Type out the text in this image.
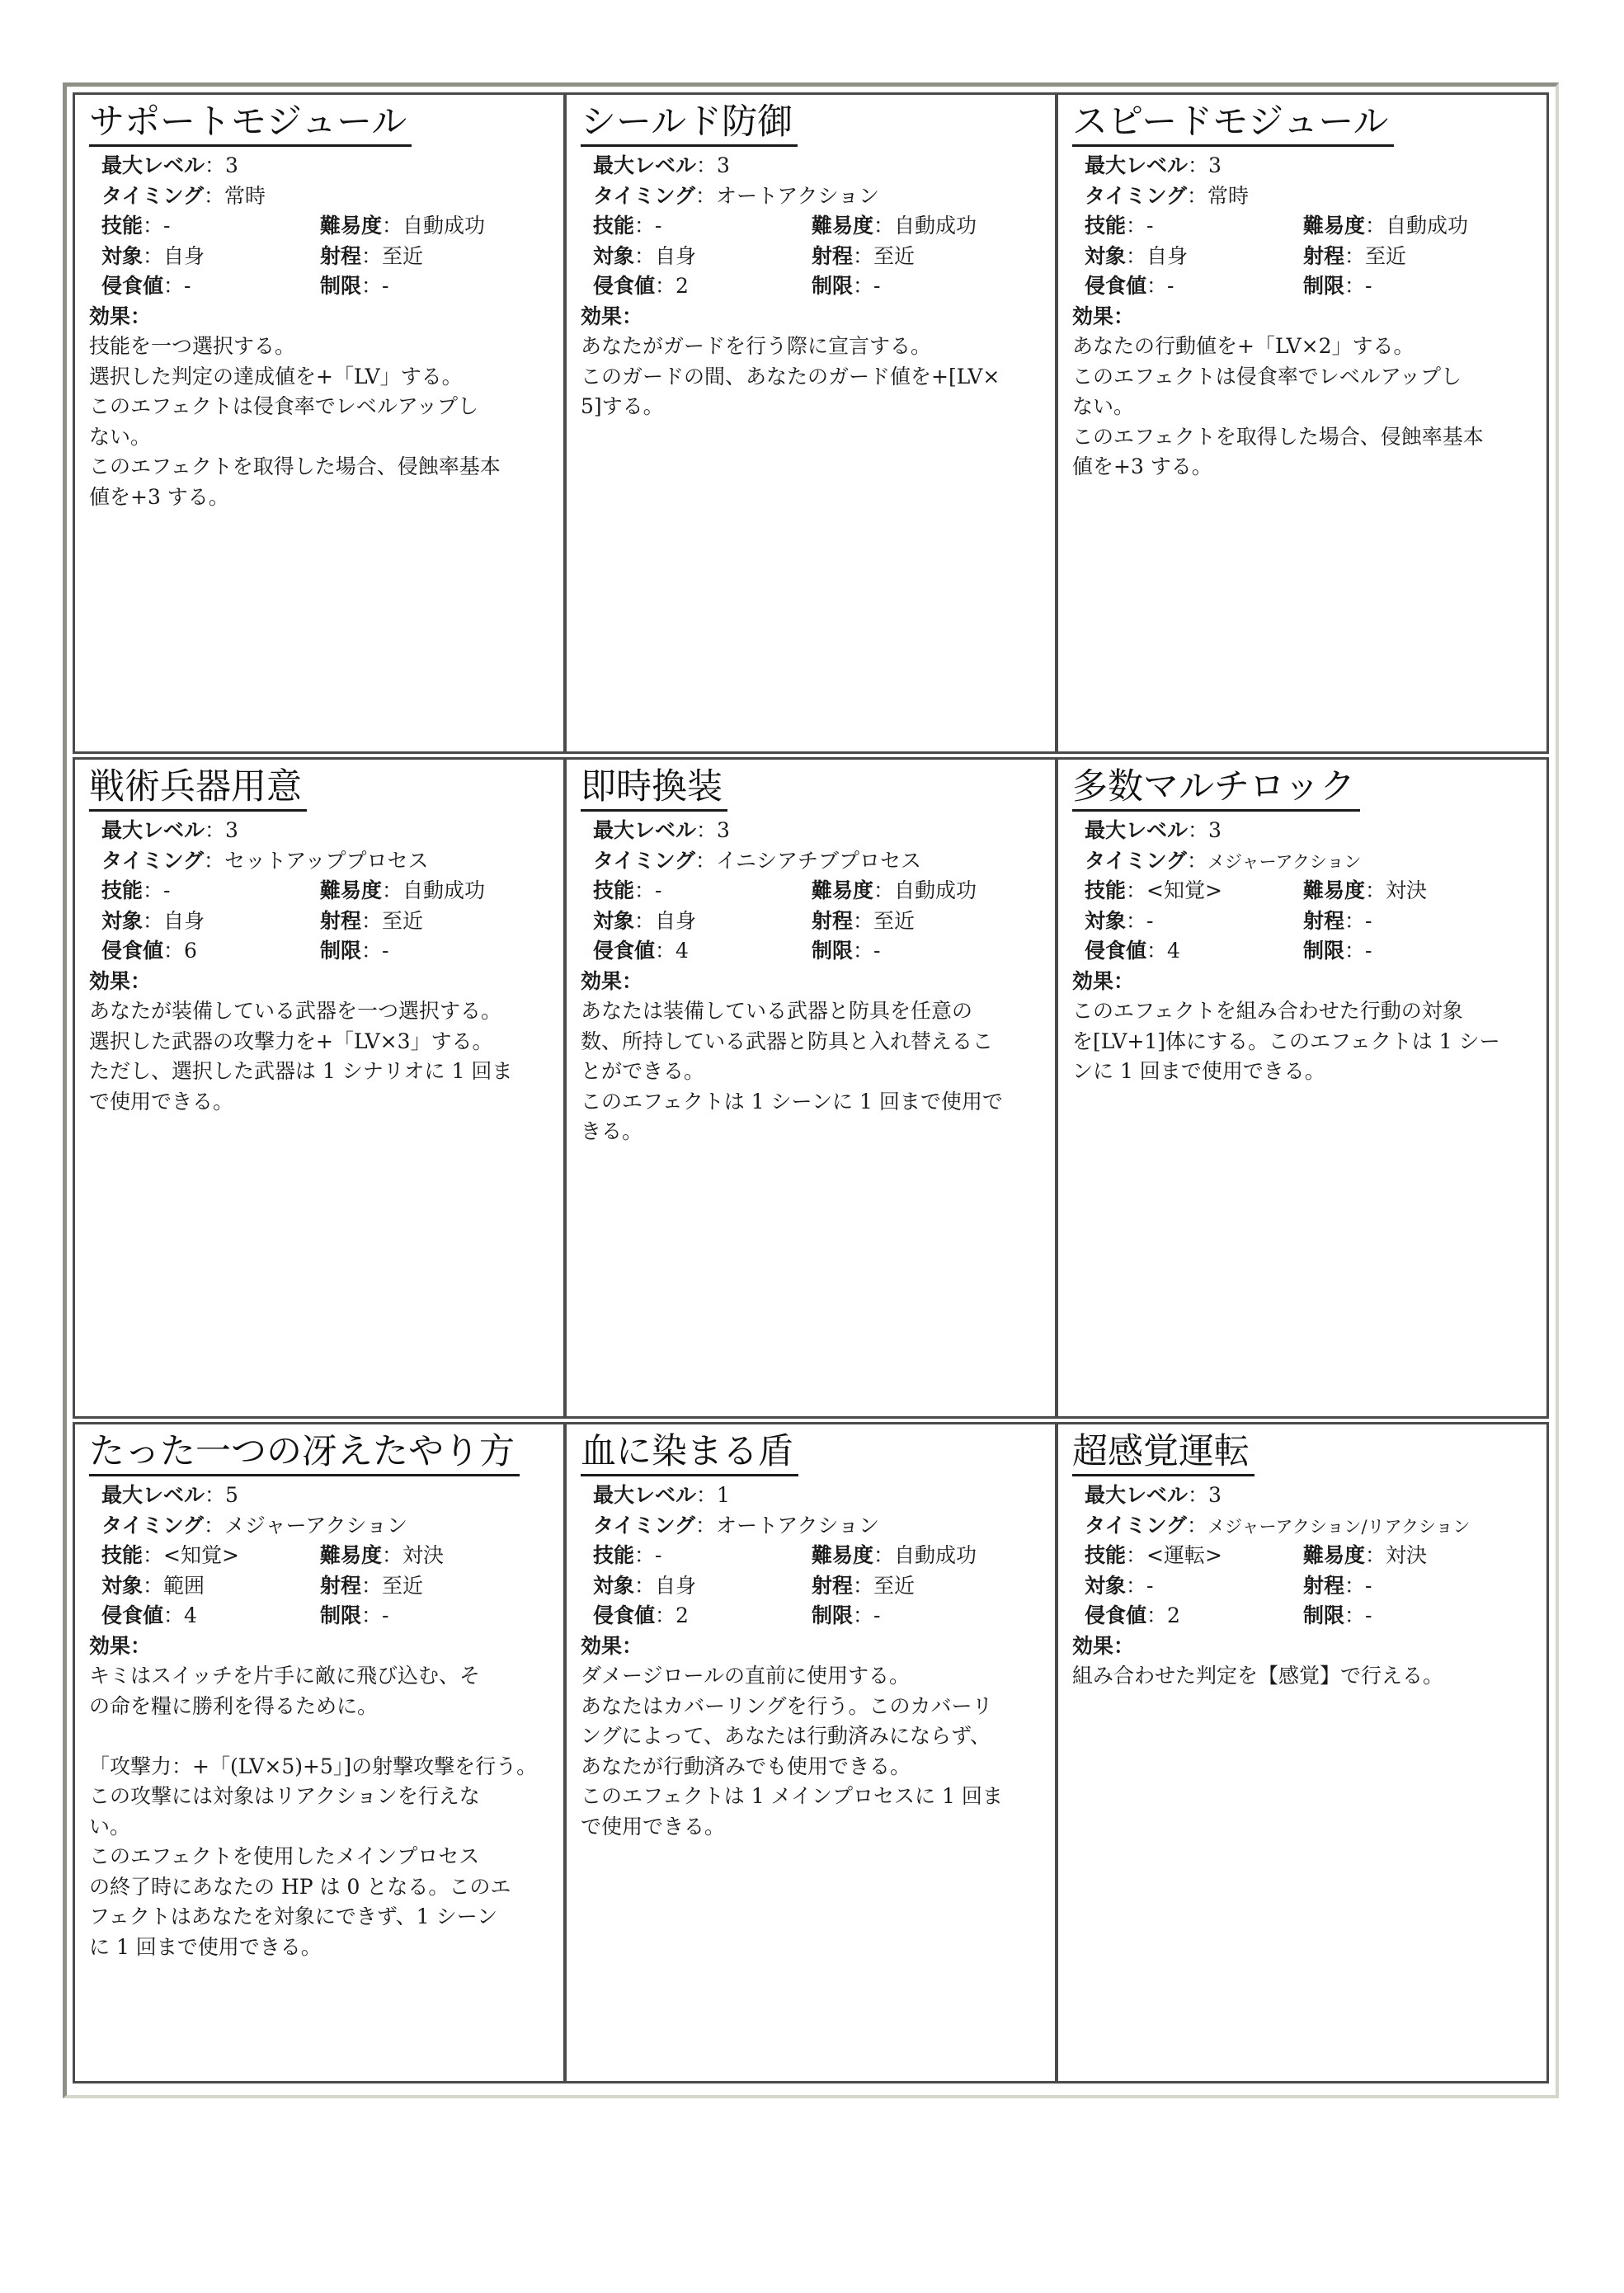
サポートモジュール
最大レベル：3
タイミング：常時
技能：-	難易度：自動成功
対象：自身	射程：至近
侵食値：-	制限：-
効果：

技能を一つ選択する。

選択した判定の達成値を+「LV」する。

このエフェクトは侵食率でレベルアップし

ない。

このエフェクトを取得した場合、侵蝕率基本

値を+3 する。

シールド防御
最大レベル：3
タイミング：オートアクション
技能：-	難易度：自動成功
対象：自身	射程：至近
侵食値：2	制限：-
効果：

あなたがガードを行う際に宣言する。

このガードの間、あなたのガード値を+[LV×

5]する。

スピードモジュール
最大レベル：3
タイミング：常時
技能：-	難易度：自動成功
対象：自身	射程：至近
侵食値：-	制限：-
効果：

あなたの行動値を+「LV×2」する。

このエフェクトは侵食率でレベルアップし

ない。

このエフェクトを取得した場合、侵蝕率基本

値を+3 する。

戦術兵器用意
最大レベル：3
タイミング：セットアッププロセス
技能：-	難易度：自動成功
対象：自身	射程：至近
侵食値：6	制限：-
効果：

あなたが装備している武器を一つ選択する。

選択した武器の攻撃力を+「LV×3」する。

ただし、選択した武器は 1 シナリオに 1 回ま

で使用できる。

即時換装
最大レベル：3
タイミング：イニシアチブプロセス
技能：-	難易度：自動成功
対象：自身	射程：至近
侵食値：4	制限：-
効果：

あなたは装備している武器と防具を任意の

数、所持している武器と防具と入れ替えるこ

とができる。

このエフェクトは 1 シーンに 1 回まで使用で

きる。

多数マルチロック
最大レベル：3
タイミング：メジャーアクション
技能：<知覚>	難易度：対決
対象：-	射程：-
侵食値：4	制限：-
効果：

このエフェクトを組み合わせた行動の対象

を[LV+1]体にする。このエフェクトは 1 シー

ンに 1 回まで使用できる。

たった一つの冴えたやり方
最大レベル：5
タイミング：メジャーアクション
技能：<知覚>	難易度：対決
対象：範囲	射程：至近
侵食値：4	制限：-
効果：

キミはスイッチを片手に敵に飛び込む、そ

の命を糧に勝利を得るために。

「攻撃力：+「(LV×5)+5」]の射撃攻撃を行う。

この攻撃には対象はリアクションを行えな

い。

このエフェクトを使用したメインプロセス

の終了時にあなたの HP は 0 となる。このエ

フェクトはあなたを対象にできず、1 シーン

に 1 回まで使用できる。

血に染まる盾
最大レベル：1
タイミング：オートアクション
技能：-	難易度：自動成功
対象：自身	射程：至近
侵食値：2	制限：-
効果：

ダメージロールの直前に使用する。

あなたはカバーリングを行う。このカバーリ

ングによって、あなたは行動済みにならず、

あなたが行動済みでも使用できる。

このエフェクトは 1 メインプロセスに 1 回ま

で使用できる。

超感覚運転
最大レベル：3
タイミング：メジャーアクション/リアクション
技能：<運転>	難易度：対決
対象：-	射程：-
侵食値：2	制限：-
効果：

組み合わせた判定を【感覚】で行える。
